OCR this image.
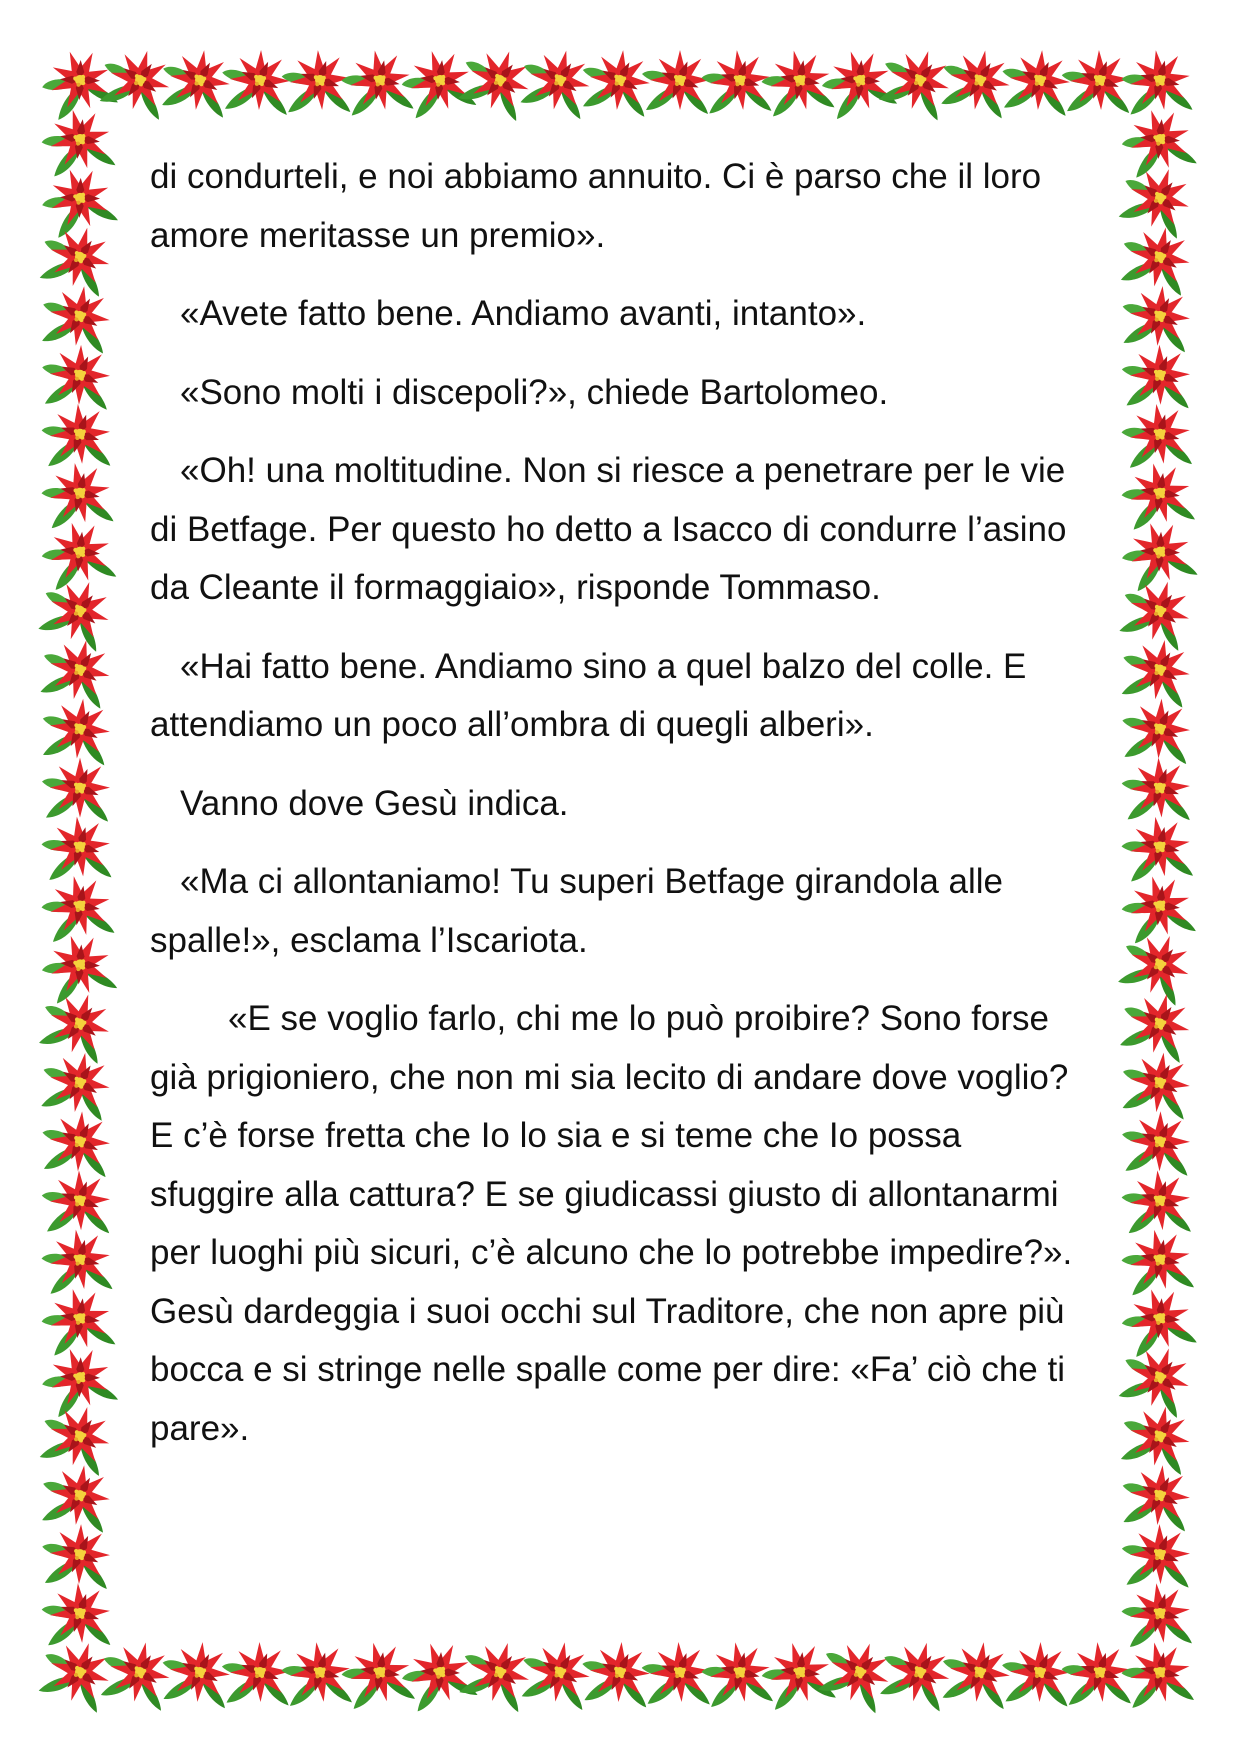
di condurteli, e noi abbiamo annuito. Ci è parso che il loro amore meritasse un premio».

«Avete fatto bene. Andiamo avanti, intanto».

«Sono molti i discepoli?», chiede Bartolomeo.

«Oh! una moltitudine. Non si riesce a penetrare per le vie di Betfage. Per questo ho detto a Isacco di condurre l’asino da Cleante il formaggiaio», risponde Tommaso.

«Hai fatto bene. Andiamo sino a quel balzo del colle. E attendiamo un poco all’ombra di quegli alberi».

Vanno dove Gesù indica.

«Ma ci allontaniamo! Tu superi Betfage girandola alle spalle!», esclama l’Iscariota.

«E se voglio farlo, chi me lo può proibire? Sono forse già prigioniero, che non mi sia lecito di andare dove voglio? E c’è forse fretta che Io lo sia e si teme che Io possa sfuggire alla cattura? E se giudicassi giusto di allontanarmi per luoghi più sicuri, c’è alcuno che lo potrebbe impedire?». Gesù dardeggia i suoi occhi sul Traditore, che non apre più bocca e si stringe nelle spalle come per dire: «Fa’ ciò che ti pare».
